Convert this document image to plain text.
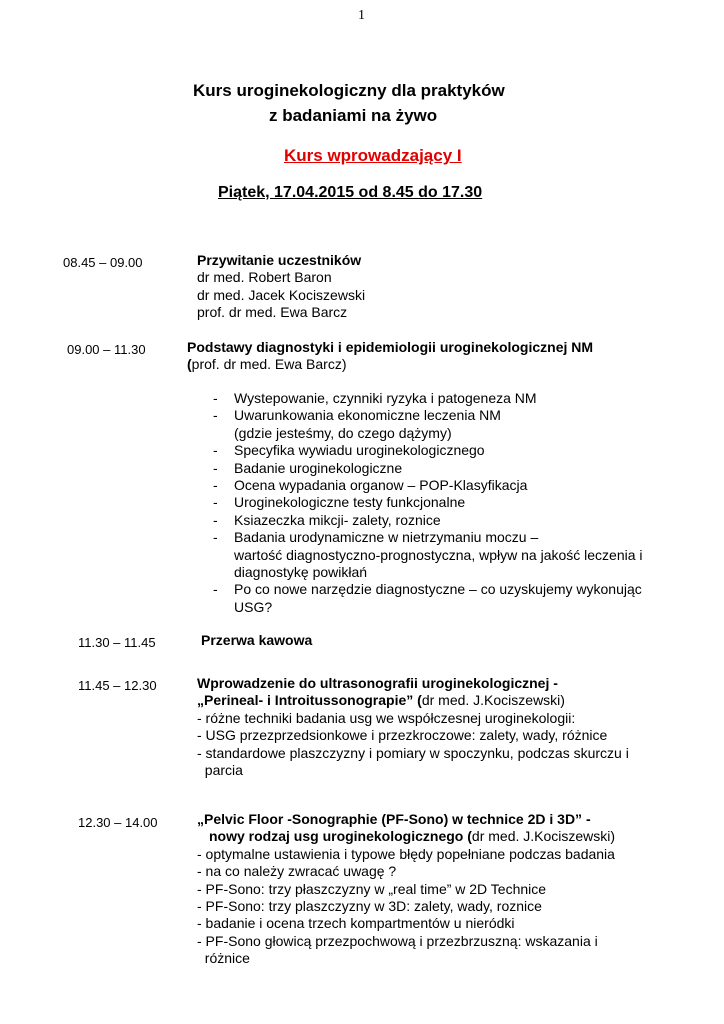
1
Kurs uroginekologiczny dla praktyków
z badaniami na żywo
Kurs wprowadzający I
Piątek, 17.04.2015 od 8.45 do 17.30
08.45 – 09.00	Przywitanie uczestników
dr med. Robert Baron
dr med. Jacek Kociszewski
prof. dr med. Ewa Barcz
09.00 – 11.30	Podstawy diagnostyki i epidemiologii uroginekologicznej NM
(prof. dr med. Ewa Barcz)
- Wystepowanie, czynniki ryzyka i patogeneza NM
- Uwarunkowania ekonomiczne leczenia NM
(gdzie jesteśmy, do czego dążymy)
- Specyfika wywiadu uroginekologicznego
- Badanie uroginekologiczne
- Ocena wypadania organow – POP-Klasyfikacja
- Uroginekologiczne testy funkcjonalne
- Ksiazeczka mikcji- zalety, roznice
- Badania urodynamiczne w nietrzymaniu moczu –
wartość diagnostyczno-prognostyczna, wpływ na jakość leczenia i
diagnostykę powikłań
- Po co nowe narzędzie diagnostyczne – co uzyskujemy wykonując
USG?
11.30 – 11.45	Przerwa kawowa
11.45 – 12.30	Wprowadzenie do ultrasonografii uroginekologicznej -
„Perineal- i Introitussonograpie” (dr med. J.Kociszewski)
- różne techniki badania usg we współczesnej uroginekologii:
- USG przezprzedsionkowe i przezkroczowe: zalety, wady, różnice
- standardowe plaszczyzny i pomiary w spoczynku, podczas skurczu i
parcia
12.30 – 14.00	„Pelvic Floor -Sonographie (PF-Sono) w technice 2D i 3D” -
nowy rodzaj usg uroginekologicznego (dr med. J.Kociszewski)
- optymalne ustawienia i typowe błędy popełniane podczas badania
- na co należy zwracać uwagę ?
- PF-Sono: trzy płaszczyzny w „real time” w 2D Technice
- PF-Sono: trzy plaszczyzny w 3D: zalety, wady, roznice
- badanie i ocena trzech kompartmentów u nieródki
- PF-Sono głowicą przezpochwową i przezbrzuszną: wskazania i
różnice
